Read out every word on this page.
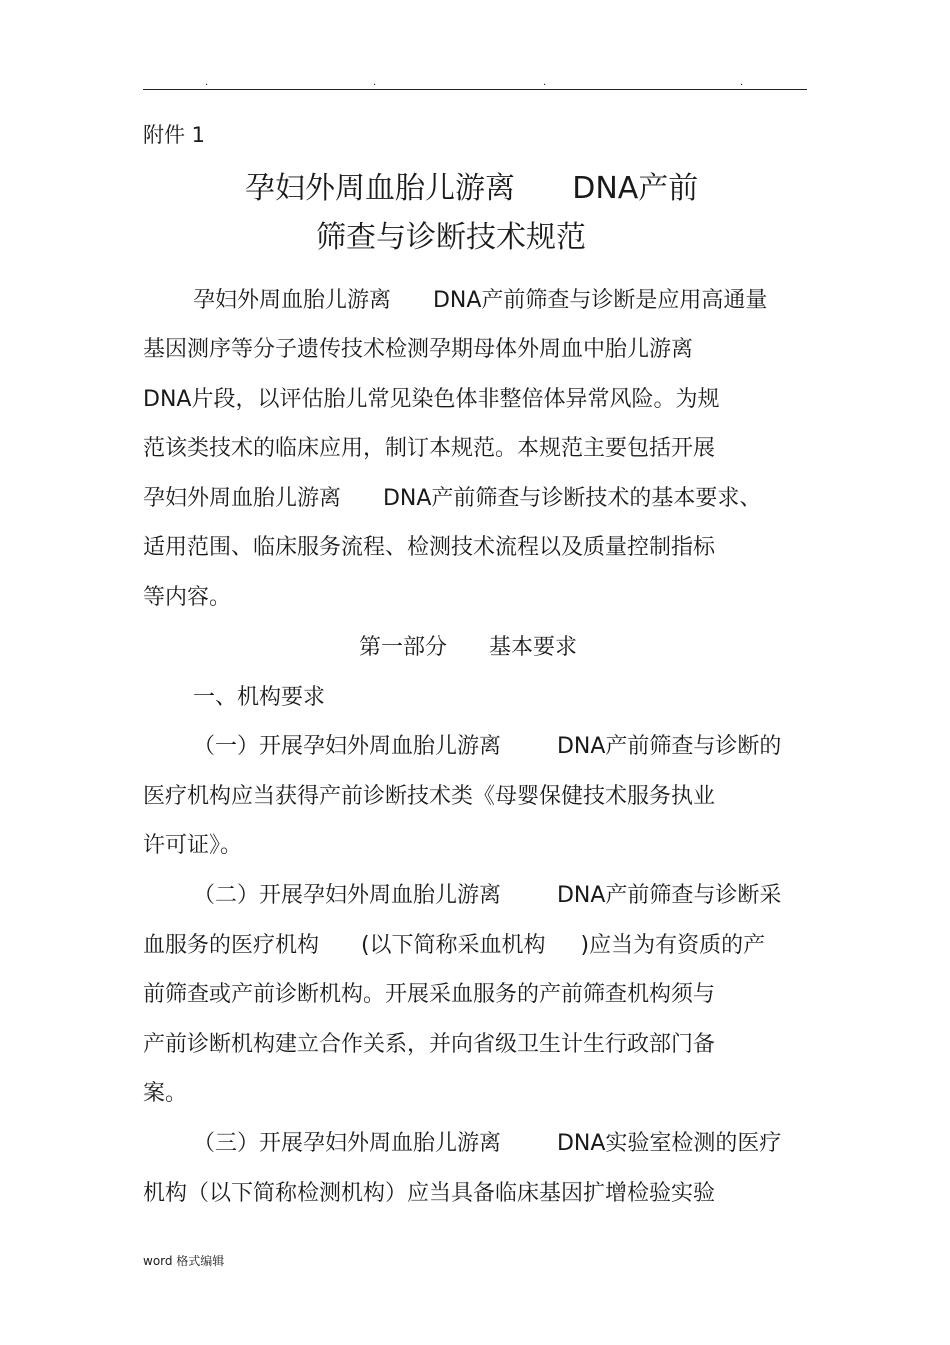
.	.	.	.
附件 1
孕妇外周血胎儿游离      DNA产前
筛查与诊断技术规范
孕妇外周血胎儿游离      DNA产前筛查与诊断是应用高通量
基因测序等分子遗传技术检测孕期母体外周血中胎儿游离
DNA片段，以评估胎儿常见染色体非整倍体异常风险。为规
范该类技术的临床应用，制订本规范。本规范主要包括开展
孕妇外周血胎儿游离      DNA产前筛查与诊断技术的基本要求、
适用范围、临床服务流程、检测技术流程以及质量控制指标
等内容。
第一部分      基本要求
一、机构要求
（一）开展孕妇外周血胎儿游离        DNA产前筛查与诊断的
医疗机构应当获得产前诊断技术类《母婴保健技术服务执业
许可证》。
（二）开展孕妇外周血胎儿游离        DNA产前筛查与诊断采
血服务的医疗机构      (以下简称采血机构     )应当为有资质的产
前筛查或产前诊断机构。开展采血服务的产前筛查机构须与
产前诊断机构建立合作关系，并向省级卫生计生行政部门备
案。
（三）开展孕妇外周血胎儿游离        DNA实验室检测的医疗
机构（以下简称检测机构）应当具备临床基因扩增检验实验
word 格式编辑
